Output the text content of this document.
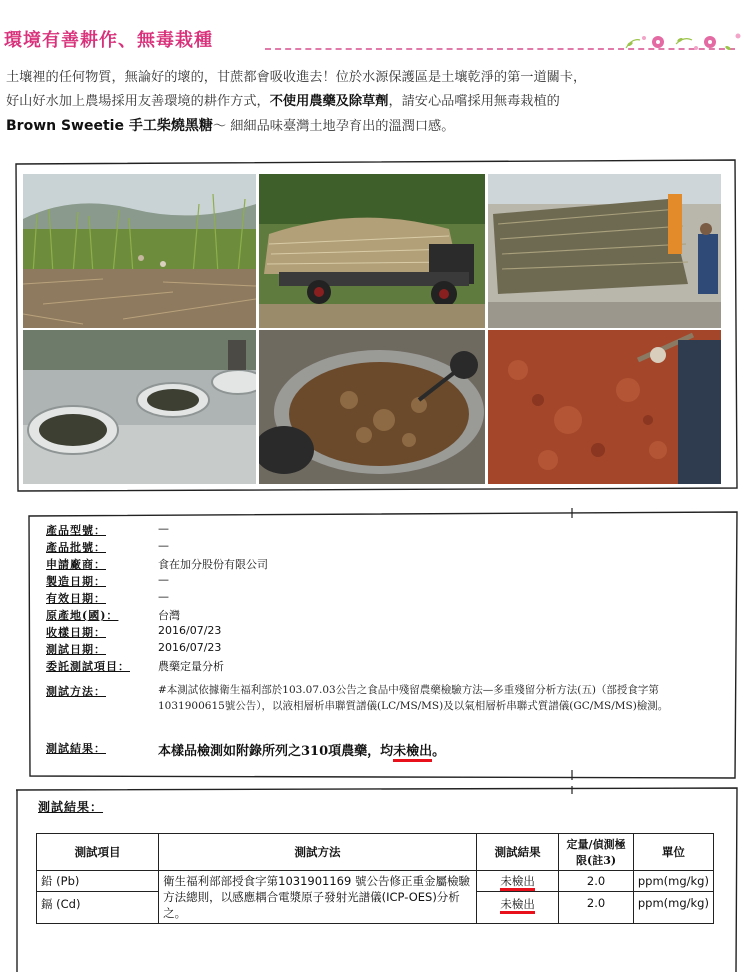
環境有善耕作、無毒栽種
土壤裡的任何物質，無論好的壞的，甘蔗都會吸收進去！位於水源保護區是土壤乾淨的第一道關卡，
好山好水加上農場採用友善環境的耕作方式，不使用農藥及除草劑，請安心品嚐採用無毒栽植的
Brown Sweetie 手工柴燒黑糖～ 細細品味臺灣土地孕育出的溫潤口感。
產品型號：	—
產品批號：	—
申請廠商：	食在加分股份有限公司
製造日期：	—
有效日期：	—
原產地(國)：	台灣
收樣日期：	2016/07/23
測試日期：	2016/07/23
委託測試項目：	農藥定量分析
測試方法：	#本測試依據衛生福利部於103.07.03公告之食品中殘留農藥檢驗方法—多重殘留分析方法(五)（部授食字第1031900615號公告），以液相層析串聯質譜儀(LC/MS/MS)及以氣相層析串聯式質譜儀(GC/MS/MS)檢測。
測試結果：	本樣品檢測如附錄所列之310項農藥，均未檢出。
測試結果：
測試項目	測試方法	測試結果	定量/偵測極限(註3)	單位
鉛 (Pb)	衛生福利部部授食字第1031901169 號公告修正重金屬檢驗方法總則，以感應耦合電漿原子發射光譜儀(ICP-OES)分析之。	未檢出	2.0	ppm(mg/kg)
鎘 (Cd)		未檢出	2.0	ppm(mg/kg)
